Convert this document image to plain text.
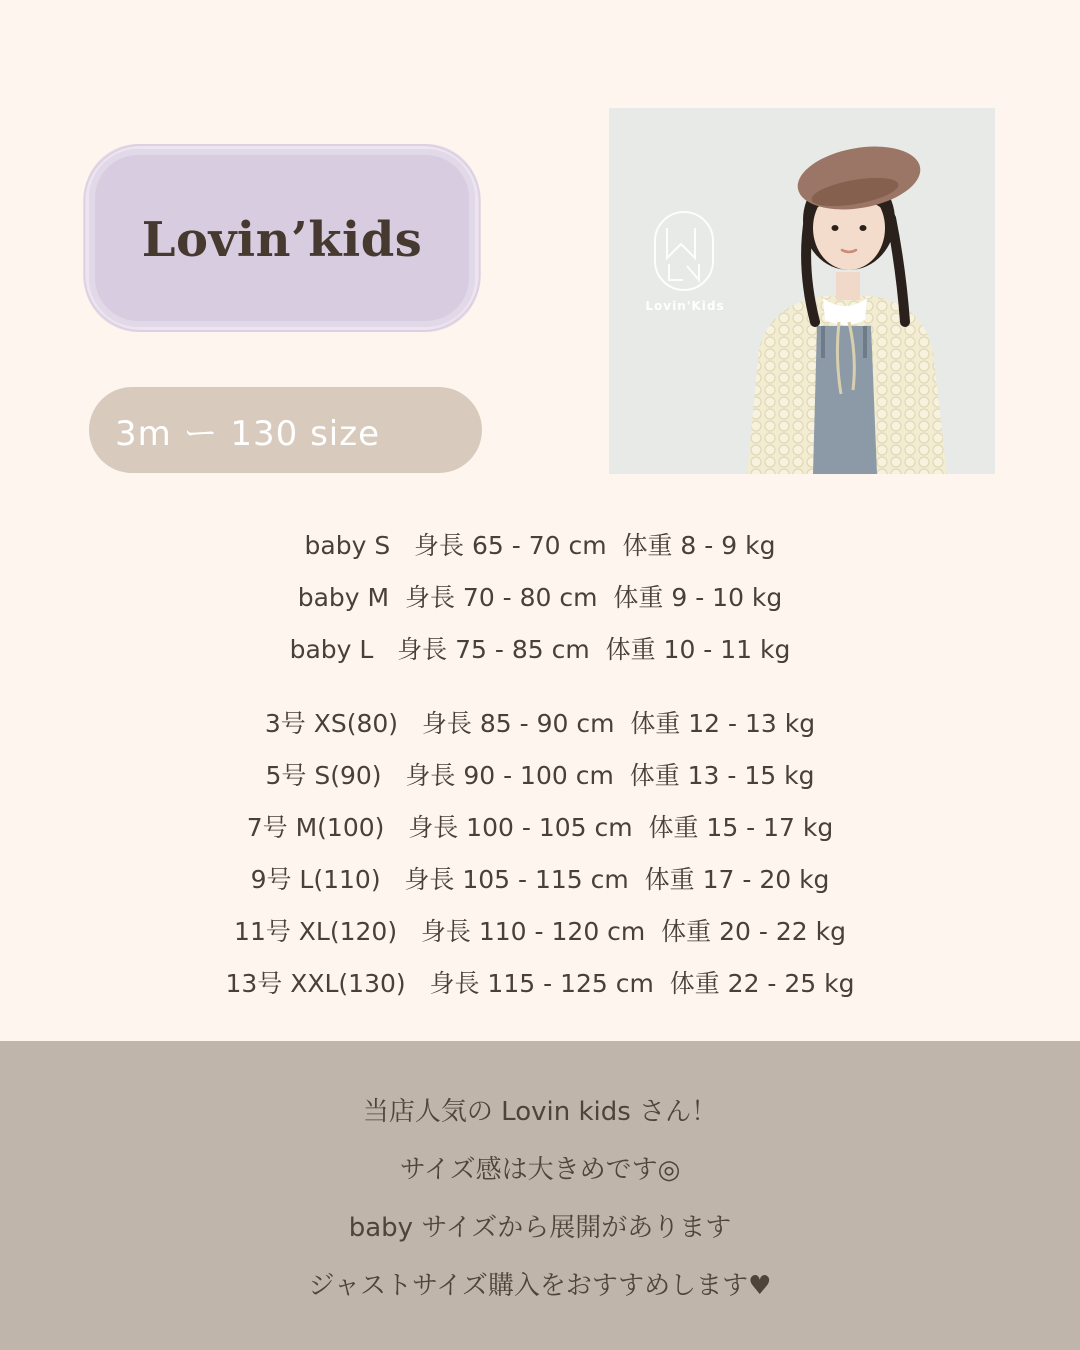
Lovin’kids
3m ー 130 size
Lovin'Kids
baby S   身長 65 - 70 cm  体重 8 - 9 kg
baby M  身長 70 - 80 cm  体重 9 - 10 kg
baby L   身長 75 - 85 cm  体重 10 - 11 kg
3号 XS(80)   身長 85 - 90 cm  体重 12 - 13 kg
5号 S(90)   身長 90 - 100 cm  体重 13 - 15 kg
7号 M(100)   身長 100 - 105 cm  体重 15 - 17 kg
9号 L(110)   身長 105 - 115 cm  体重 17 - 20 kg
11号 XL(120)   身長 110 - 120 cm  体重 20 - 22 kg
13号 XXL(130)   身長 115 - 125 cm  体重 22 - 25 kg
当店人気の Lovin kids さん！
サイズ感は大きめです◎
baby サイズから展開があります
ジャストサイズ購入をおすすめします♥
